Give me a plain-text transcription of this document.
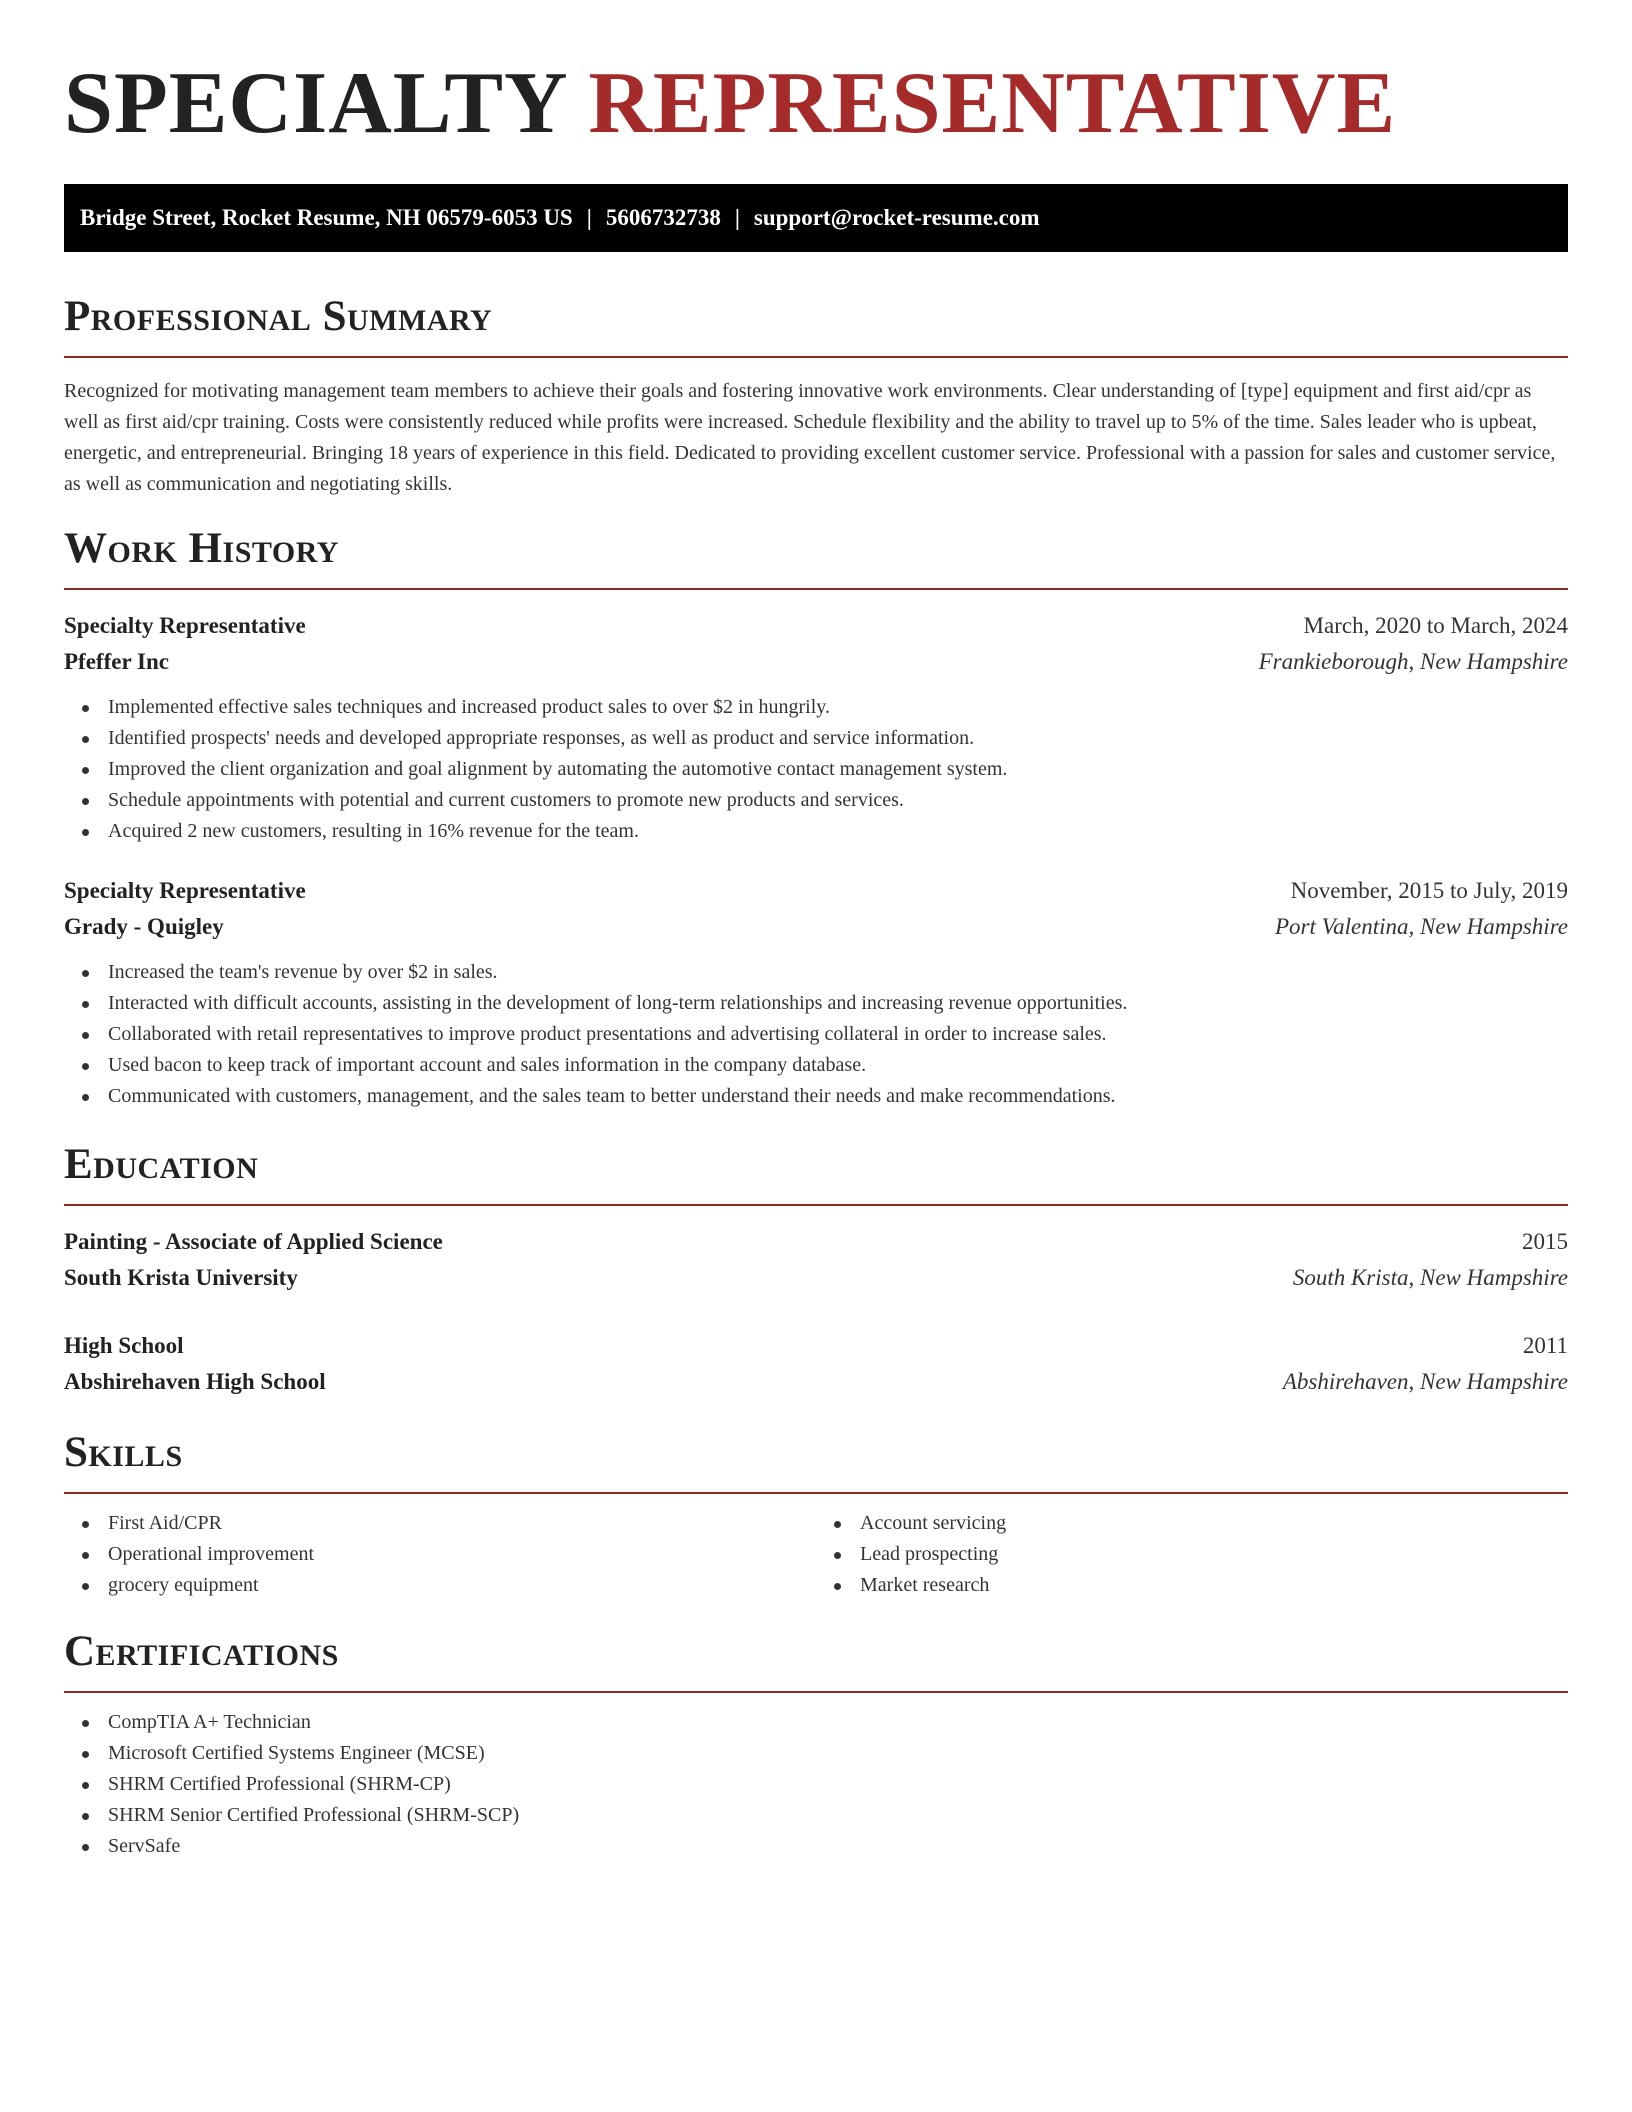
SPECIALTY REPRESENTATIVE
Bridge Street, Rocket Resume, NH 06579-6053 US | 5606732738 | support@rocket-resume.com
Professional Summary

Recognized for motivating management team members to achieve their goals and fostering innovative work environments. Clear understanding of [type] equipment and first aid/cpr as well as first aid/cpr training. Costs were consistently reduced while profits were increased. Schedule flexibility and the ability to travel up to 5% of the time. Sales leader who is upbeat, energetic, and entrepreneurial. Bringing 18 years of experience in this field. Dedicated to providing excellent customer service. Professional with a passion for sales and customer service, as well as communication and negotiating skills.

Work History
Specialty Representative	March, 2020 to March, 2024
Pfeffer Inc	Frankieborough, New Hampshire
Implemented effective sales techniques and increased product sales to over $2 in hungrily.
Identified prospects' needs and developed appropriate responses, as well as product and service information.
Improved the client organization and goal alignment by automating the automotive contact management system.
Schedule appointments with potential and current customers to promote new products and services.
Acquired 2 new customers, resulting in 16% revenue for the team.
Specialty Representative	November, 2015 to July, 2019
Grady - Quigley	Port Valentina, New Hampshire
Increased the team's revenue by over $2 in sales.
Interacted with difficult accounts, assisting in the development of long-term relationships and increasing revenue opportunities.
Collaborated with retail representatives to improve product presentations and advertising collateral in order to increase sales.
Used bacon to keep track of important account and sales information in the company database.
Communicated with customers, management, and the sales team to better understand their needs and make recommendations.
Education
Painting - Associate of Applied Science	2015
South Krista University	South Krista, New Hampshire
High School	2011
Abshirehaven High School	Abshirehaven, New Hampshire
Skills
First Aid/CPR
Operational improvement
grocery equipment
Account servicing
Lead prospecting
Market research
Certifications
CompTIA A+ Technician
Microsoft Certified Systems Engineer (MCSE)
SHRM Certified Professional (SHRM-CP)
SHRM Senior Certified Professional (SHRM-SCP)
ServSafe
